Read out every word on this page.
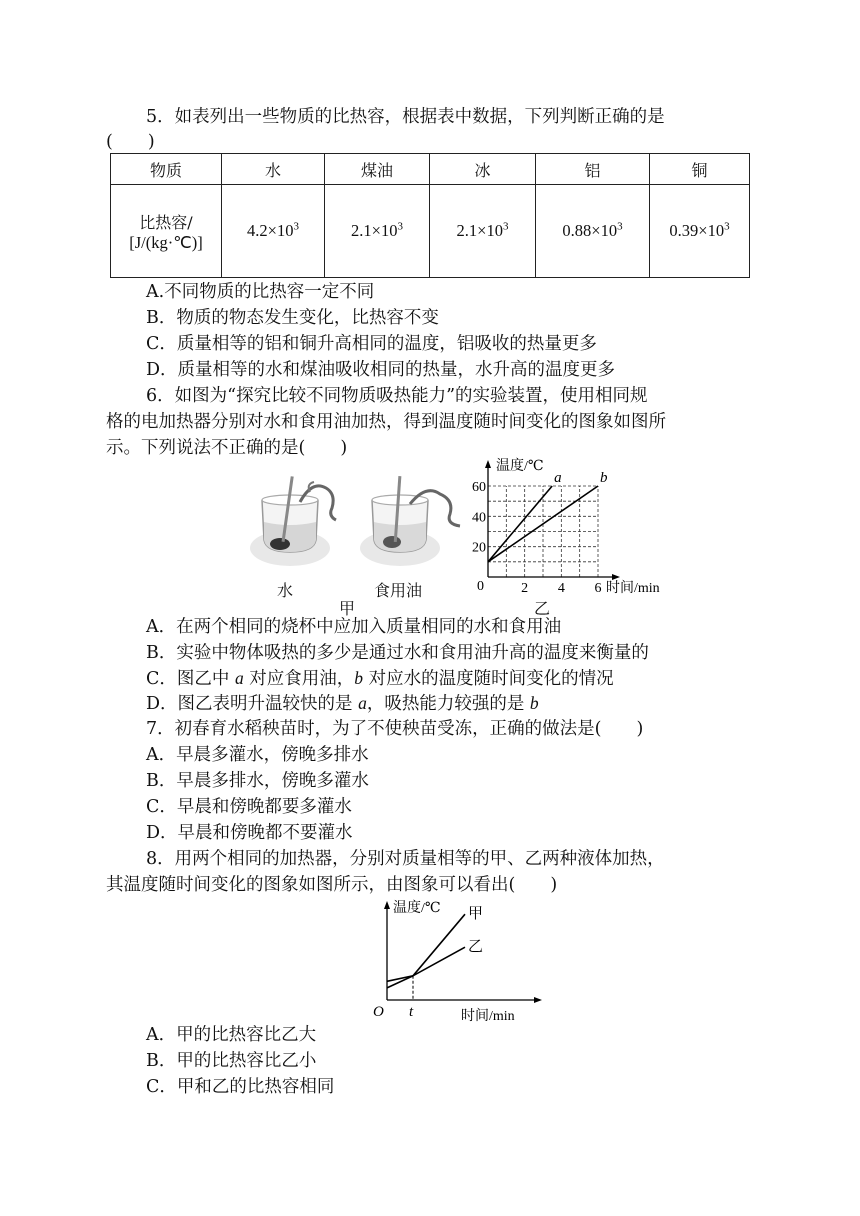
5．如表列出一些物质的比热容，根据表中数据，下列判断正确的是
(　　)
物质	水	煤油	冰	铝	铜

比热容/
[J/(kg·℃)]	$4.2\times 10^3$	$2.1\times 10^3$	$2.1\times 10^3$	$0.88\times 10^3$	$0.39\times 10^3$
A.不同物质的比热容一定不同
B．物质的物态发生变化，比热容不变
C．质量相等的铝和铜升高相同的温度，铝吸收的热量更多
D．质量相等的水和煤油吸收相同的热量，水升高的温度更多
6．如图为“探究比较不同物质吸热能力”的实验装置，使用相同规
格的电加热器分别对水和食用油加热，得到温度随时间变化的图象如图所
示。下列说法不正确的是(　　)
水	食用油
甲	乙
2 4 6
0
20
40
60
温度/℃
时间/min
a	b
A．在两个相同的烧杯中应加入质量相同的水和食用油
B．实验中物体吸热的多少是通过水和食用油升高的温度来衡量的
C．图乙中 a 对应食用油，b 对应水的温度随时间变化的情况
D．图乙表明升温较快的是 a，吸热能力较强的是 b
7．初春育水稻秧苗时，为了不使秧苗受冻，正确的做法是(　　)
A．早晨多灌水，傍晚多排水
B．早晨多排水，傍晚多灌水
C．早晨和傍晚都要多灌水
D．早晨和傍晚都不要灌水
8．用两个相同的加热器，分别对质量相等的甲、乙两种液体加热，
其温度随时间变化的图象如图所示，由图象可以看出(　　)
温度/℃
时间/min
O t
甲
乙
A．甲的比热容比乙大
B．甲的比热容比乙小
C．甲和乙的比热容相同
